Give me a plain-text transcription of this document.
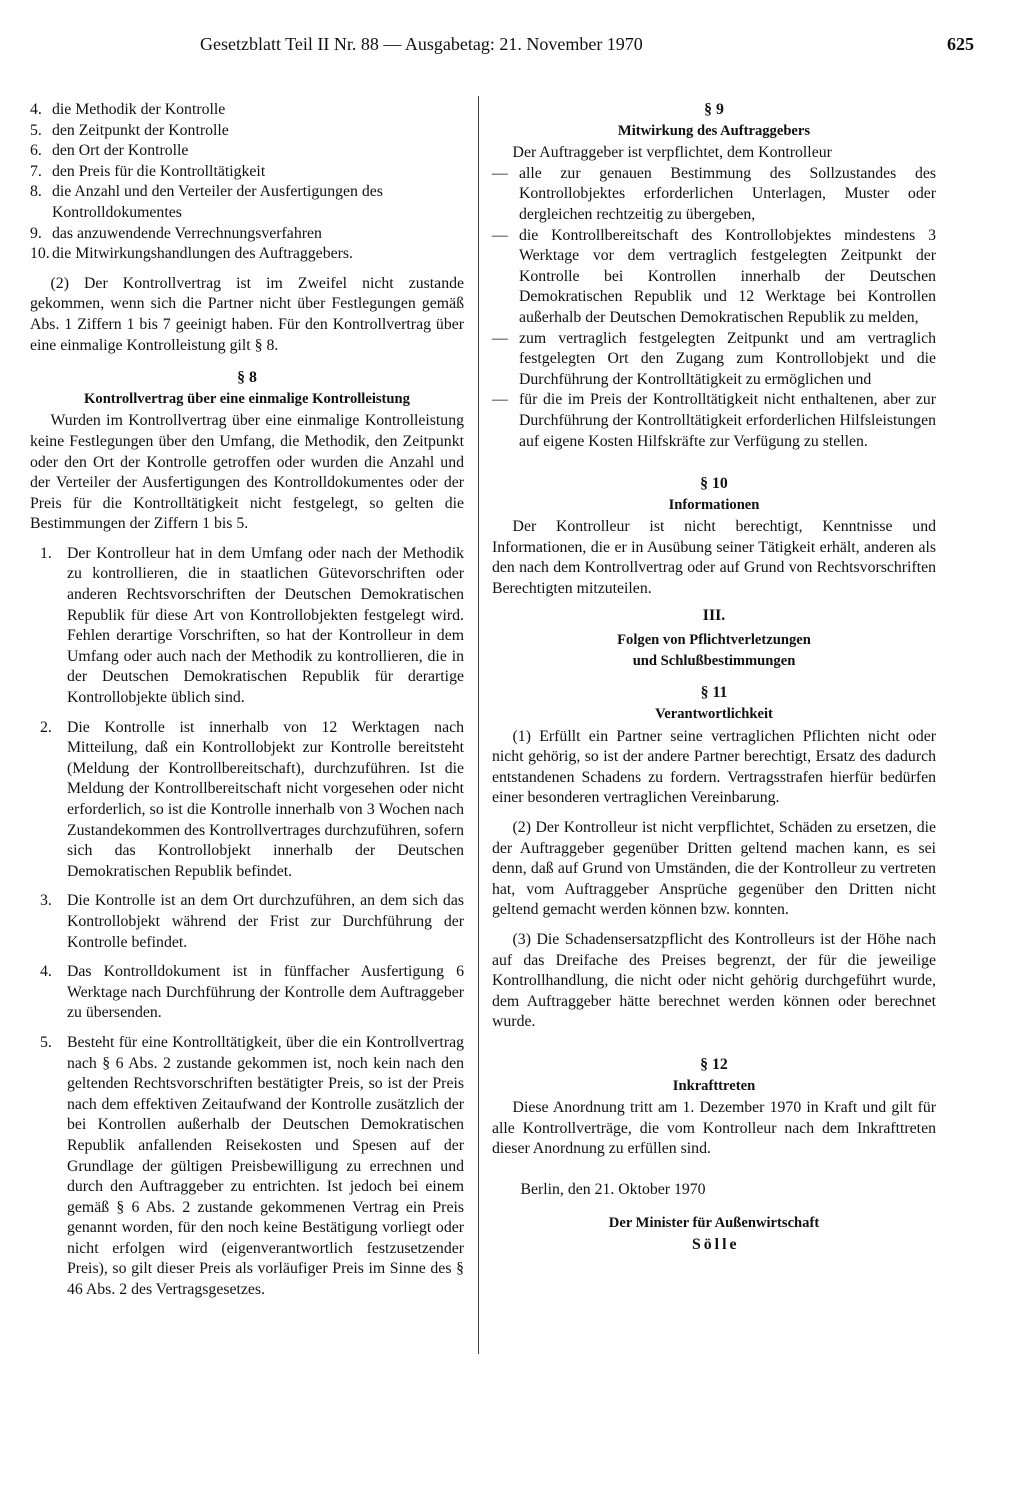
Gesetzblatt Teil II Nr. 88 — Ausgabetag: 21. November 1970	625
4. die Methodik der Kontrolle
5. den Zeitpunkt der Kontrolle
6. den Ort der Kontrolle
7. den Preis für die Kontrolltätigkeit
8. die Anzahl und den Verteiler der Ausfertigungen des Kontrolldokumentes
9. das anzuwendende Verrechnungsverfahren
10. die Mitwirkungshandlungen des Auftraggebers.

(2) Der Kontrollvertrag ist im Zweifel nicht zustande gekommen, wenn sich die Partner nicht über Festlegungen gemäß Abs. 1 Ziffern 1 bis 7 geeinigt haben. Für den Kontrollvertrag über eine einmalige Kontrolleistung gilt § 8.

§ 8
Kontrollvertrag über eine einmalige Kontrolleistung

Wurden im Kontrollvertrag über eine einmalige Kontrolleistung keine Festlegungen über den Umfang, die Methodik, den Zeitpunkt oder den Ort der Kontrolle getroffen oder wurden die Anzahl und der Verteiler der Ausfertigungen des Kontrolldokumentes oder der Preis für die Kontrolltätigkeit nicht festgelegt, so gelten die Bestimmungen der Ziffern 1 bis 5.

1. Der Kontrolleur hat in dem Umfang oder nach der Methodik zu kontrollieren, die in staatlichen Gütevorschriften oder anderen Rechtsvorschriften der Deutschen Demokratischen Republik für diese Art von Kontrollobjekten festgelegt wird. Fehlen derartige Vorschriften, so hat der Kontrolleur in dem Umfang oder auch nach der Methodik zu kontrollieren, die in der Deutschen Demokratischen Republik für derartige Kontrollobjekte üblich sind.
2. Die Kontrolle ist innerhalb von 12 Werktagen nach Mitteilung, daß ein Kontrollobjekt zur Kontrolle bereitsteht (Meldung der Kontrollbereitschaft), durchzuführen. Ist die Meldung der Kontrollbereitschaft nicht vorgesehen oder nicht erforderlich, so ist die Kontrolle innerhalb von 3 Wochen nach Zustandekommen des Kontrollvertrages durchzuführen, sofern sich das Kontrollobjekt innerhalb der Deutschen Demokratischen Republik befindet.
3. Die Kontrolle ist an dem Ort durchzuführen, an dem sich das Kontrollobjekt während der Frist zur Durchführung der Kontrolle befindet.
4. Das Kontrolldokument ist in fünffacher Ausfertigung 6 Werktage nach Durchführung der Kontrolle dem Auftraggeber zu übersenden.
5. Besteht für eine Kontrolltätigkeit, über die ein Kontrollvertrag nach § 6 Abs. 2 zustande gekommen ist, noch kein nach den geltenden Rechtsvorschriften bestätigter Preis, so ist der Preis nach dem effektiven Zeitaufwand der Kontrolle zusätzlich der bei Kontrollen außerhalb der Deutschen Demokratischen Republik anfallenden Reisekosten und Spesen auf der Grundlage der gültigen Preisbewilligung zu errechnen und durch den Auftraggeber zu entrichten. Ist jedoch bei einem gemäß § 6 Abs. 2 zustande gekommenen Vertrag ein Preis genannt worden, für den noch keine Bestätigung vorliegt oder nicht erfolgen wird (eigenverantwortlich festzusetzender Preis), so gilt dieser Preis als vorläufiger Preis im Sinne des § 46 Abs. 2 des Vertragsgesetzes.
§ 9
Mitwirkung des Auftraggebers

Der Auftraggeber ist verpflichtet, dem Kontrolleur

— alle zur genauen Bestimmung des Sollzustandes des Kontrollobjektes erforderlichen Unterlagen, Muster oder dergleichen rechtzeitig zu übergeben,
— die Kontrollbereitschaft des Kontrollobjektes mindestens 3 Werktage vor dem vertraglich festgelegten Zeitpunkt der Kontrolle bei Kontrollen innerhalb der Deutschen Demokratischen Republik und 12 Werktage bei Kontrollen außerhalb der Deutschen Demokratischen Republik zu melden,
— zum vertraglich festgelegten Zeitpunkt und am vertraglich festgelegten Ort den Zugang zum Kontrollobjekt und die Durchführung der Kontrolltätigkeit zu ermöglichen und
— für die im Preis der Kontrolltätigkeit nicht enthaltenen, aber zur Durchführung der Kontrolltätigkeit erforderlichen Hilfsleistungen auf eigene Kosten Hilfskräfte zur Verfügung zu stellen.
§ 10
Informationen

Der Kontrolleur ist nicht berechtigt, Kenntnisse und Informationen, die er in Ausübung seiner Tätigkeit erhält, anderen als den nach dem Kontrollvertrag oder auf Grund von Rechtsvorschriften Berechtigten mitzuteilen.

III.
Folgen von Pflichtverletzungen
und Schlußbestimmungen
§ 11
Verantwortlichkeit

(1) Erfüllt ein Partner seine vertraglichen Pflichten nicht oder nicht gehörig, so ist der andere Partner berechtigt, Ersatz des dadurch entstandenen Schadens zu fordern. Vertragsstrafen hierfür bedürfen einer besonderen vertraglichen Vereinbarung.

(2) Der Kontrolleur ist nicht verpflichtet, Schäden zu ersetzen, die der Auftraggeber gegenüber Dritten geltend machen kann, es sei denn, daß auf Grund von Umständen, die der Kontrolleur zu vertreten hat, vom Auftraggeber Ansprüche gegenüber den Dritten nicht geltend gemacht werden können bzw. konnten.

(3) Die Schadensersatzpflicht des Kontrolleurs ist der Höhe nach auf das Dreifache des Preises begrenzt, der für die jeweilige Kontrollhandlung, die nicht oder nicht gehörig durchgeführt wurde, dem Auftraggeber hätte berechnet werden können oder berechnet wurde.

§ 12
Inkrafttreten

Diese Anordnung tritt am 1. Dezember 1970 in Kraft und gilt für alle Kontrollverträge, die vom Kontrolleur nach dem Inkrafttreten dieser Anordnung zu erfüllen sind.

Berlin, den 21. Oktober 1970

Der Minister für Außenwirtschaft
Sölle
